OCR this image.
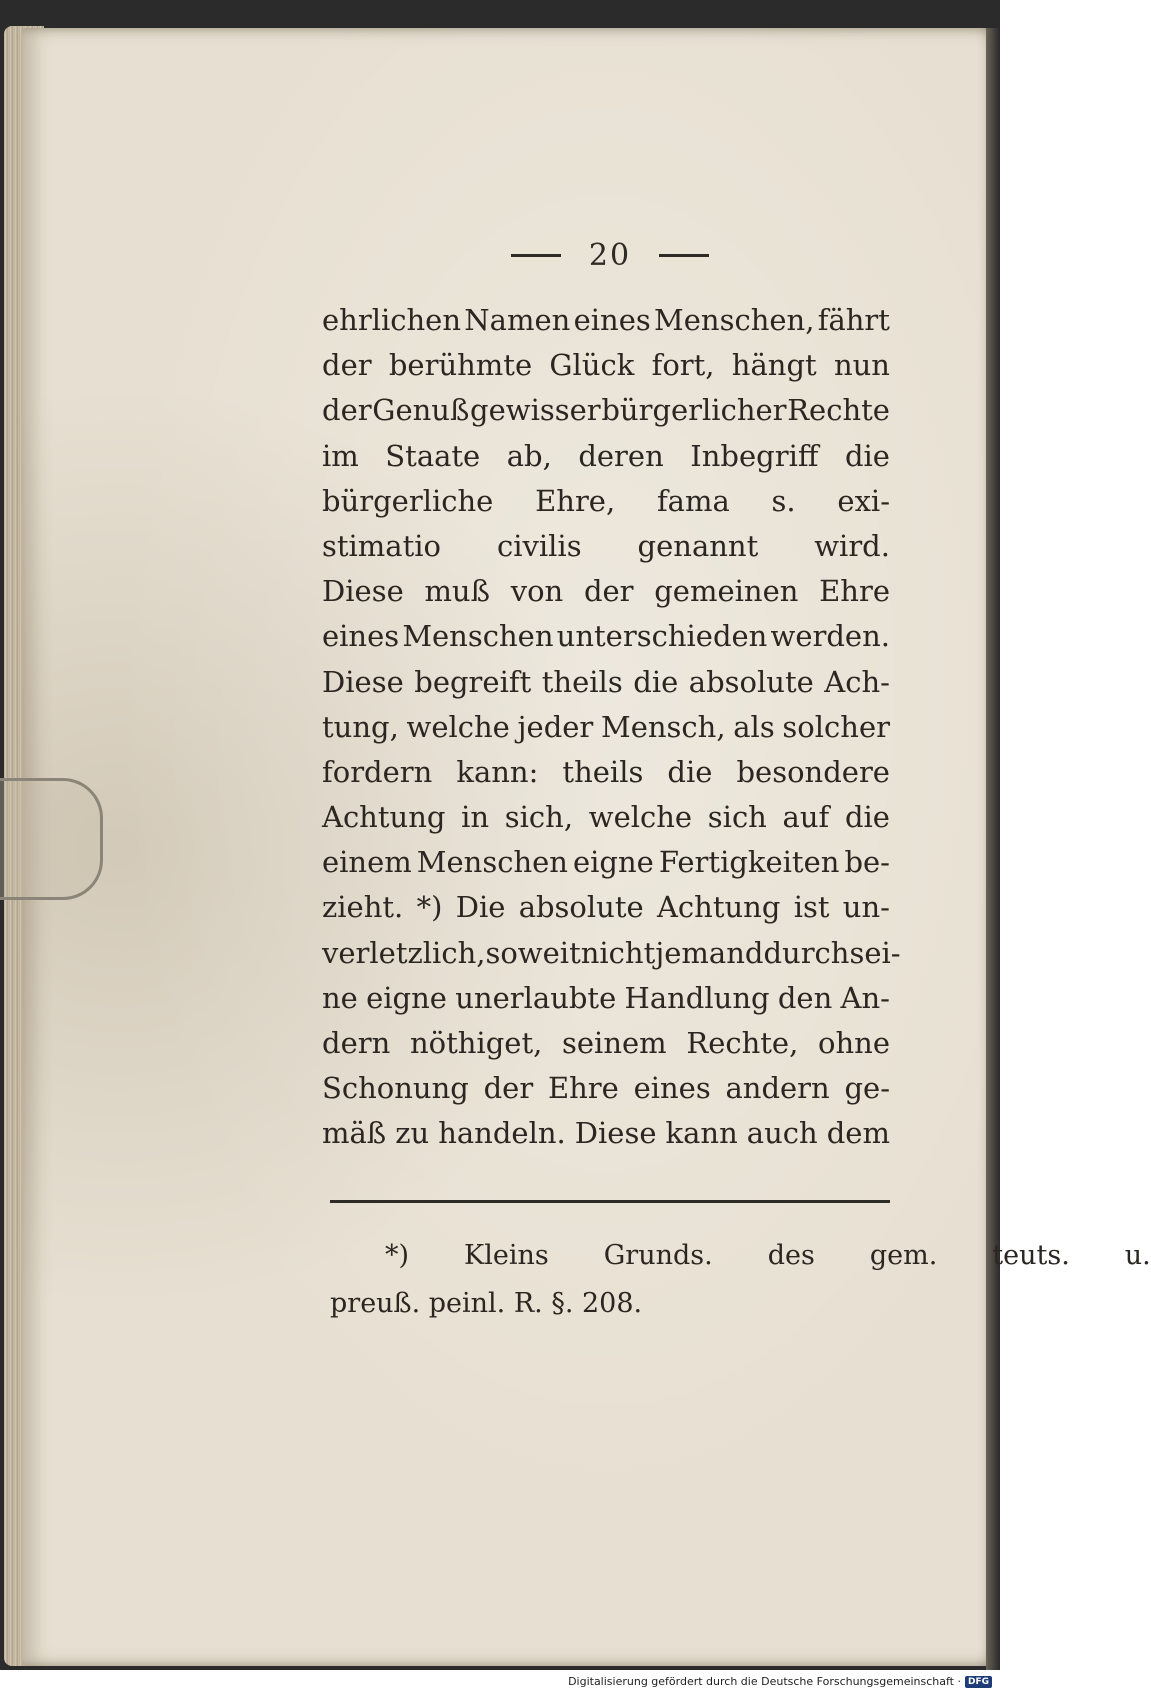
20
ehrlichen Namen eines Menschen, fährt
der berühmte Glück fort, hängt nun
der Genuß gewisser bürgerlicher Rechte
im Staate ab, deren Inbegriff die
bürgerliche Ehre, fama s. exi-
stimatio civilis genannt wird.
Diese muß von der gemeinen Ehre
eines Menschen unterschieden werden.
Diese begreift theils die absolute Ach-
tung, welche jeder Mensch, als solcher
fordern kann: theils die besondere
Achtung in sich, welche sich auf die
einem Menschen eigne Fertigkeiten be-
zieht. *) Die absolute Achtung ist un-
verletzlich, soweit nicht jemand durch sei-
ne eigne unerlaubte Handlung den An-
dern nöthiget, seinem Rechte, ohne
Schonung der Ehre eines andern ge-
mäß zu handeln. Diese kann auch dem
*)	Kleins	Grunds.	des	gem.	teuts.	u.
preuß. peinl. R. §. 208.
Digitalisierung gefördert durch die Deutsche Forschungsgemeinschaft · DFG
